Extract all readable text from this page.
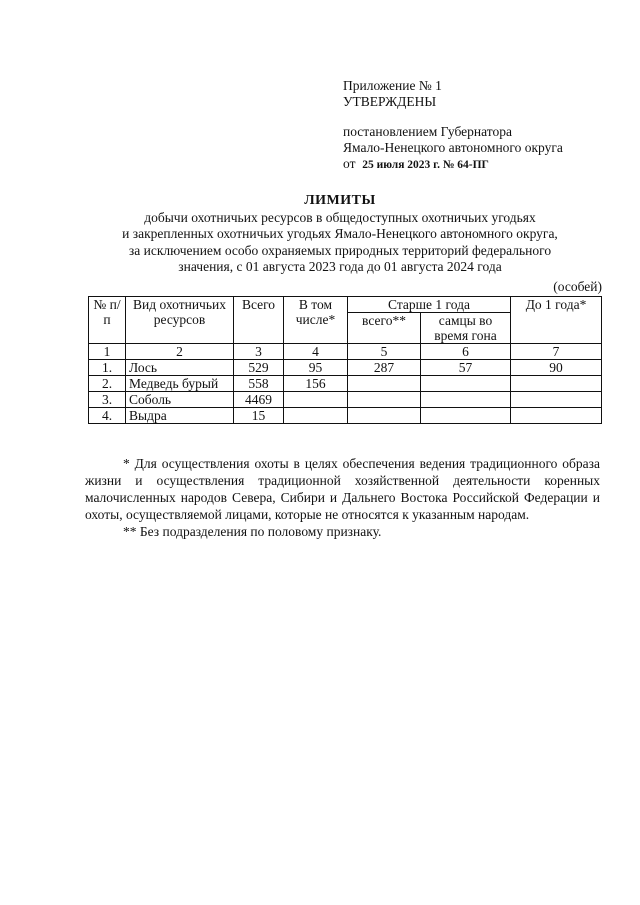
Приложение № 1
УТВЕРЖДЕНЫ
постановлением Губернатора
Ямало-Ненецкого автономного округа
от 25 июля 2023 г. № 64-ПГ
ЛИМИТЫ
добычи охотничьих ресурсов в общедоступных охотничьих угодьях
и закрепленных охотничьих угодьях Ямало-Ненецкого автономного округа,
за исключением особо охраняемых природных территорий федерального
значения, с 01 августа 2023 года до 01 августа 2024 года
(особей)
№ п/п	Вид охотничьих ресурсов	Всего	В том числе*	Старше 1 года		До 1 года*
				всего**	самцы во время гона	
1	2	3	4	5	6	7
1.	Лось	529	95	287	57	90
2.	Медведь бурый	558	156			
3.	Соболь	4469				
4.	Выдра	15				

* Для осуществления охоты в целях обеспечения ведения традиционного образа жизни и осуществления традиционной хозяйственной деятельности коренных малочисленных народов Севера, Сибири и Дальнего Востока Российской Федерации и охоты, осуществляемой лицами, которые не относятся к указанным народам.

** Без подразделения по половому признаку.
